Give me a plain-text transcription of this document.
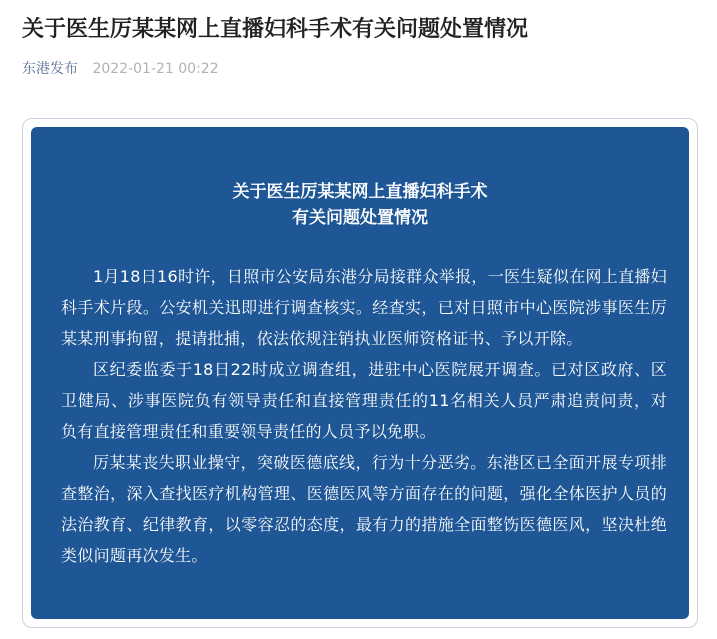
关于医生厉某某网上直播妇科手术有关问题处置情况
东港发布 2022-01-21 00:22
关于医生厉某某网上直播妇科手术
有关问题处置情况

1月18日16时许，日照市公安局东港分局接群众举报，一医生疑似在网上直播妇科手术片段。公安机关迅即进行调查核实。经查实，已对日照市中心医院涉事医生厉某某刑事拘留，提请批捕，依法依规注销执业医师资格证书、予以开除。

区纪委监委于18日22时成立调查组，进驻中心医院展开调查。已对区政府、区卫健局、涉事医院负有领导责任和直接管理责任的11名相关人员严肃追责问责，对负有直接管理责任和重要领导责任的人员予以免职。

厉某某丧失职业操守，突破医德底线，行为十分恶劣。东港区已全面开展专项排查整治，深入查找医疗机构管理、医德医风等方面存在的问题，强化全体医护人员的法治教育、纪律教育，以零容忍的态度，最有力的措施全面整饬医德医风，坚决杜绝类似问题再次发生。
